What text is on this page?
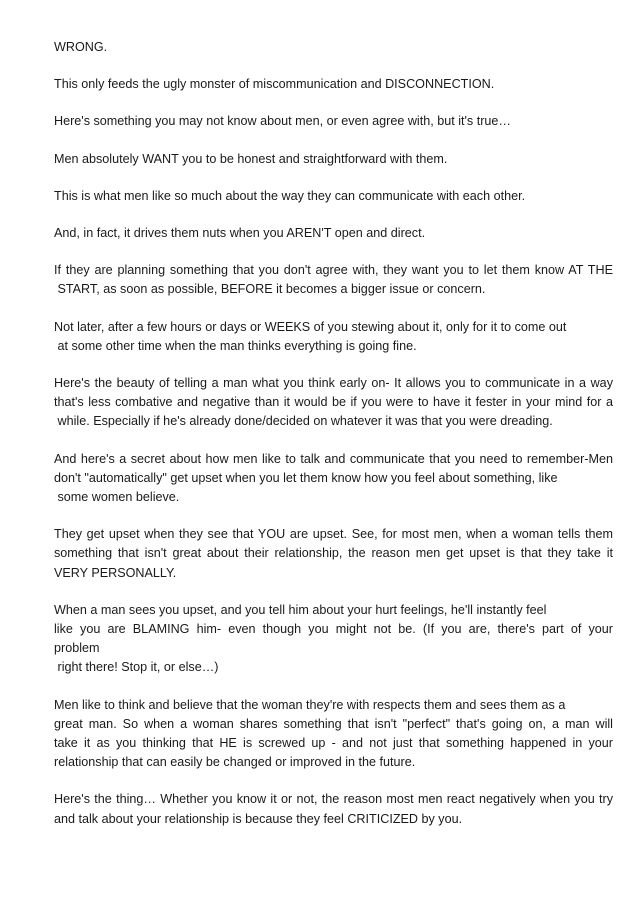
WRONG.

This only feeds the ugly monster of miscommunication and DISCONNECTION.

Here's something you may not know about men, or even agree with, but it's true…

Men absolutely WANT you to be honest and straightforward with them.

This is what men like so much about the way they can communicate with each other.

And, in fact, it drives them nuts when you AREN'T open and direct.

If they are planning something that you don't agree with, they want you to let them know AT THE
START, as soon as possible, BEFORE it becomes a bigger issue or concern.

Not later, after a few hours or days or WEEKS of you stewing about it, only for it to come out
at some other time when the man thinks everything is going fine.

Here's the beauty of telling a man what you think early on- It allows you to communicate in a way
that's less combative and negative than it would be if you were to have it fester in your mind for a
while. Especially if he's already done/decided on whatever it was that you were dreading.

And here's a secret about how men like to talk and communicate that you need to remember-Men
don't "automatically" get upset when you let them know how you feel about something, like
some women believe.

They get upset when they see that YOU are upset. See, for most men, when a woman tells them
something that isn't great about their relationship, the reason men get upset is that they take it
VERY PERSONALLY.

When a man sees you upset, and you tell him about your hurt feelings, he'll instantly feel
like you are BLAMING him- even though you might not be. (If you are, there's part of your
problem
right there! Stop it, or else…)

Men like to think and believe that the woman they're with respects them and sees them as a
great man. So when a woman shares something that isn't "perfect" that's going on, a man will
take it as you thinking that HE is screwed up - and not just that something happened in your
relationship that can easily be changed or improved in the future.

Here's the thing… Whether you know it or not, the reason most men react negatively when you try
and talk about your relationship is because they feel CRITICIZED by you.
